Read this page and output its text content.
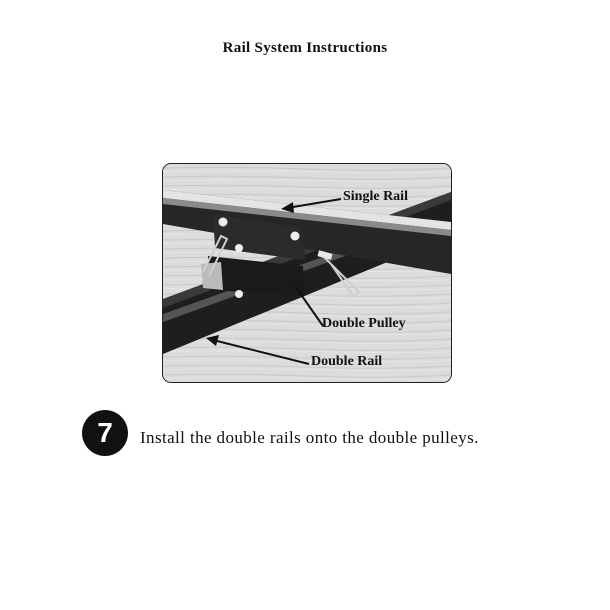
Rail System Instructions
Single Rail
Double Pulley
Double Rail
7	Install the double rails onto the double pulleys.
